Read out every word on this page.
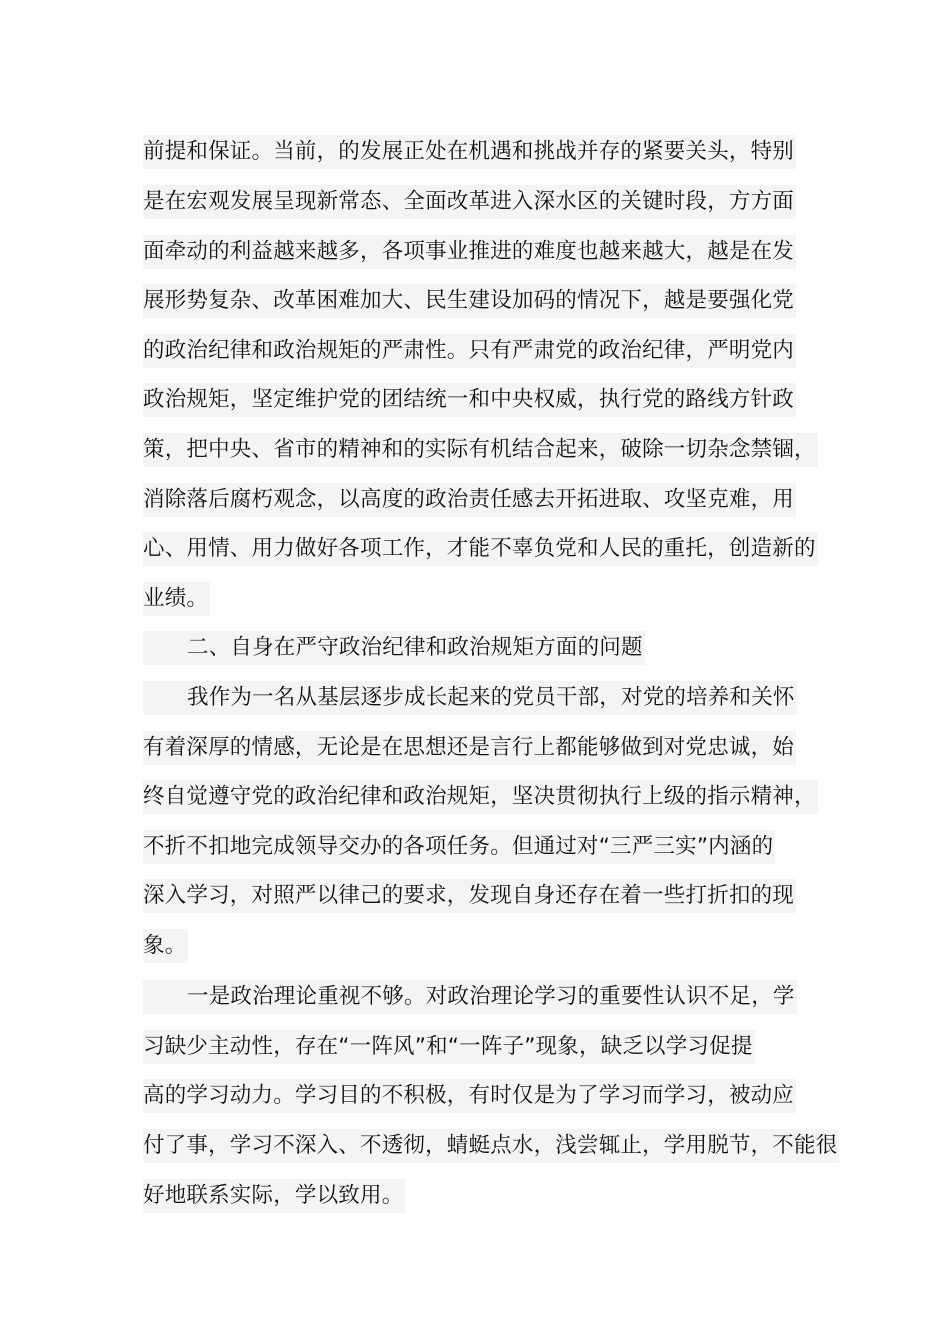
前提和保证。当前，的发展正处在机遇和挑战并存的紧要关头，特别
是在宏观发展呈现新常态、全面改革进入深水区的关键时段，方方面
面牵动的利益越来越多，各项事业推进的难度也越来越大，越是在发
展形势复杂、改革困难加大、民生建设加码的情况下，越是要强化党
的政治纪律和政治规矩的严肃性。只有严肃党的政治纪律，严明党内
政治规矩，坚定维护党的团结统一和中央权威，执行党的路线方针政
策，把中央、省市的精神和的实际有机结合起来，破除一切杂念禁锢，
消除落后腐朽观念，以高度的政治责任感去开拓进取、攻坚克难，用
心、用情、用力做好各项工作，才能不辜负党和人民的重托，创造新的
业绩。
二、自身在严守政治纪律和政治规矩方面的问题
我作为一名从基层逐步成长起来的党员干部，对党的培养和关怀
有着深厚的情感，无论是在思想还是言行上都能够做到对党忠诚，始
终自觉遵守党的政治纪律和政治规矩，坚决贯彻执行上级的指示精神，
不折不扣地完成领导交办的各项任务。但通过对“三严三实”内涵的
深入学习，对照严以律己的要求，发现自身还存在着一些打折扣的现
象。
一是政治理论重视不够。对政治理论学习的重要性认识不足，学
习缺少主动性，存在“一阵风”和“一阵子”现象，缺乏以学习促提
高的学习动力。学习目的不积极，有时仅是为了学习而学习，被动应
付了事，学习不深入、不透彻，蜻蜓点水，浅尝辄止，学用脱节，不能很
好地联系实际，学以致用。
